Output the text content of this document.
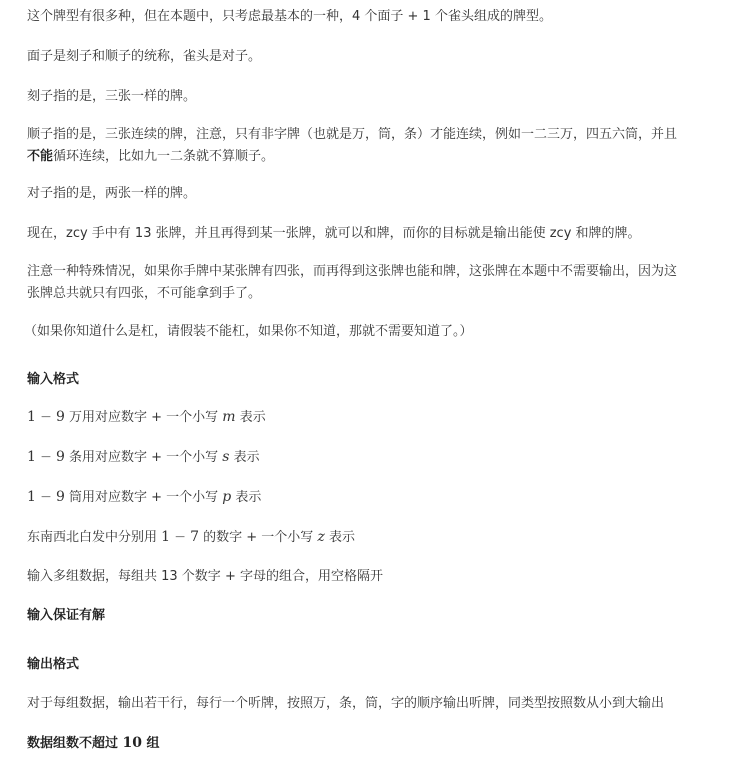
这个牌型有很多种，但在本题中，只考虑最基本的一种，4 个面子 + 1 个雀头组成的牌型。
面子是刻子和顺子的统称，雀头是对子。
刻子指的是，三张一样的牌。
顺子指的是，三张连续的牌，注意，只有非字牌（也就是万，筒，条）才能连续，例如一二三万，四五六筒，并且
不能循环连续，比如九一二条就不算顺子。
对子指的是，两张一样的牌。
现在，zcy 手中有 13 张牌，并且再得到某一张牌，就可以和牌，而你的目标就是输出能使 zcy 和牌的牌。
注意一种特殊情况，如果你手牌中某张牌有四张，而再得到这张牌也能和牌，这张牌在本题中不需要输出，因为这
张牌总共就只有四张，不可能拿到手了。
（如果你知道什么是杠，请假装不能杠，如果你不知道，那就不需要知道了。）
输入格式
1 − 9 万用对应数字 + 一个小写 m 表示
1 − 9 条用对应数字 + 一个小写 s 表示
1 − 9 筒用对应数字 + 一个小写 p 表示
东南西北白发中分别用 1 − 7 的数字 + 一个小写 z 表示
输入多组数据，每组共 13 个数字 + 字母的组合，用空格隔开
输入保证有解
输出格式
对于每组数据，输出若干行，每行一个听牌，按照万，条，筒，字的顺序输出听牌，同类型按照数从小到大输出
数据组数不超过 10 组
